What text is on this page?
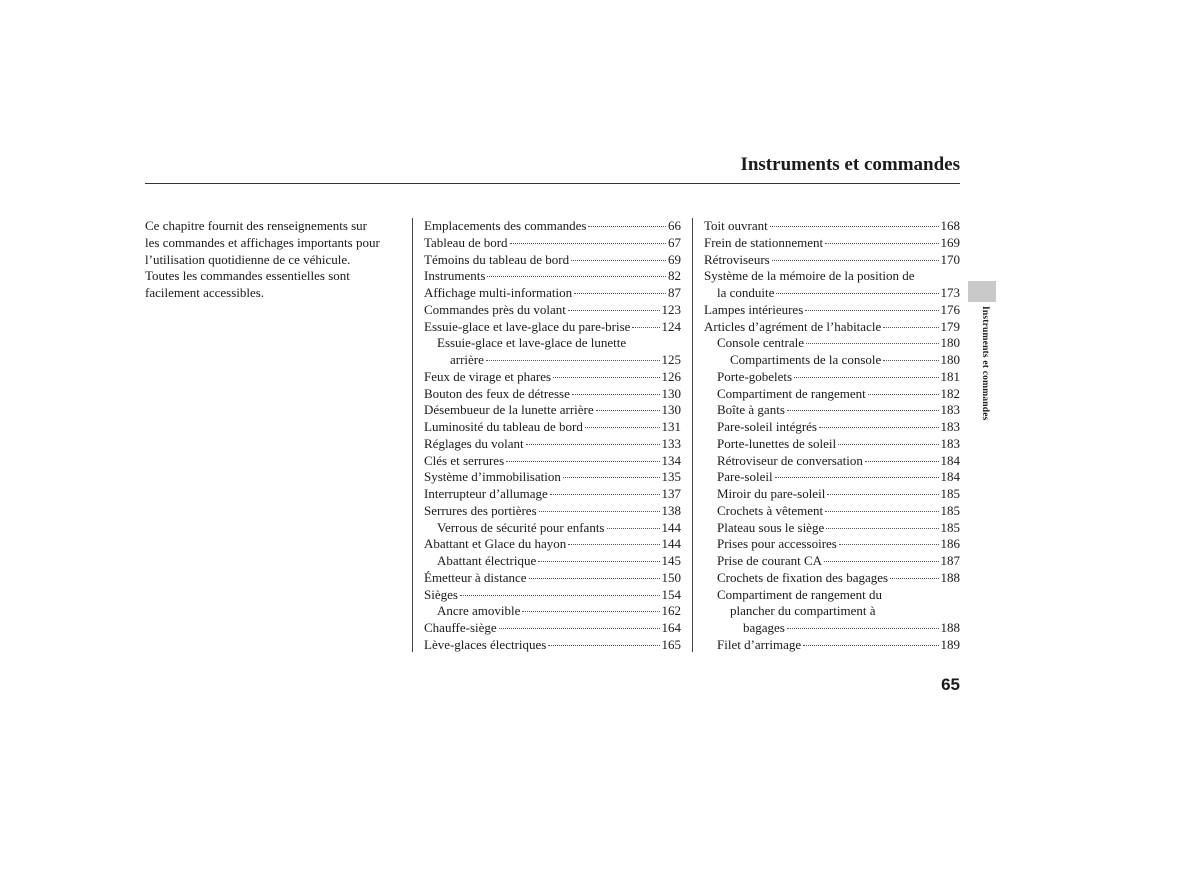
Instruments et commandes

Ce chapitre fournit des renseignements sur

les commandes et affichages importants pour

l’utilisation quotidienne de ce véhicule.

Toutes les commandes essentielles sont

facilement accessibles.

Emplacements des commandes	66
Tableau de bord	67
Témoins du tableau de bord	69
Instruments	82
Affichage multi-information	87
Commandes près du volant	123
Essuie-glace et lave-glace du pare-brise 124
Essuie-glace et lave-glace de lunette
arrière	125
Feux de virage et phares	126
Bouton des feux de détresse	130
Désembueur de la lunette arrière	130
Luminosité du tableau de bord	131
Réglages du volant	133
Clés et serrures	134
Système d’immobilisation	135
Interrupteur d’allumage	137
Serrures des portières	138
Verrous de sécurité pour enfants	144
Abattant et Glace du hayon	144
Abattant électrique	145
Émetteur à distance	150
Sièges	154
Ancre amovible	162
Chauffe-siège	164
Lève-glaces électriques	165
Toit ouvrant	168
Frein de stationnement	169
Rétroviseurs	170
Système de la mémoire de la position de
la conduite	173
Lampes intérieures	176
Articles d’agrément de l’habitacle	179
Console centrale	180
Compartiments de la console	180
Porte-gobelets	181
Compartiment de rangement	182
Boîte à gants	183
Pare-soleil intégrés	183
Porte-lunettes de soleil	183
Rétroviseur de conversation	184
Pare-soleil	184
Miroir du pare-soleil	185
Crochets à vêtement	185
Plateau sous le siège	185
Prises pour accessoires	186
Prise de courant CA	187
Crochets de fixation des bagages	188
Compartiment de rangement du
plancher du compartiment à
bagages	188
Filet d’arrimage	189
Instruments et commandes
65
